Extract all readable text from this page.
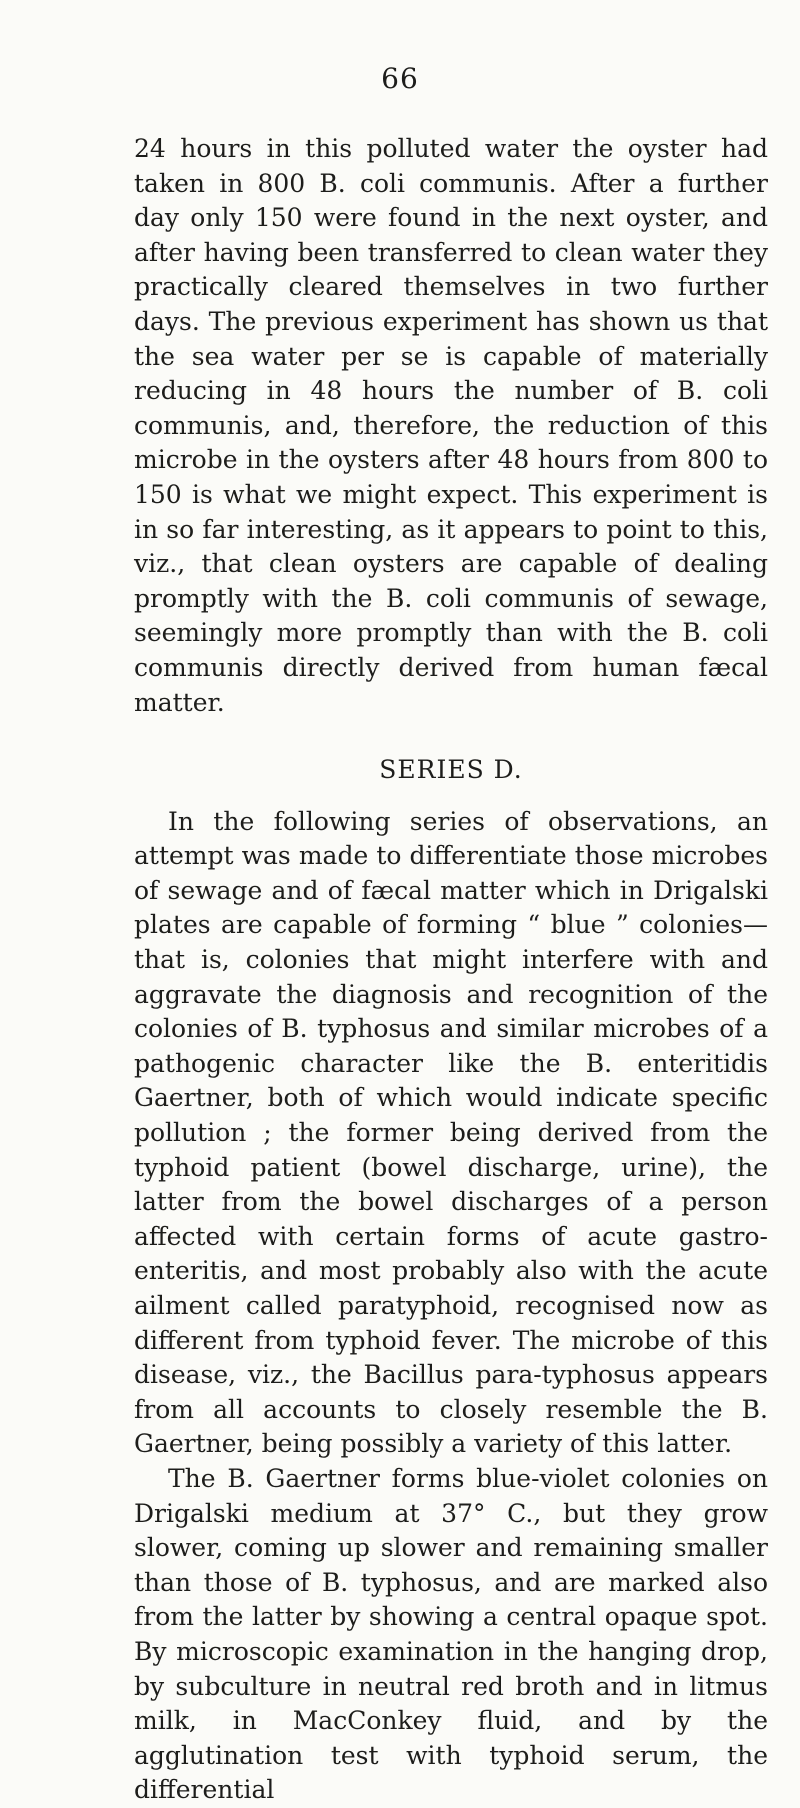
66

24 hours in this polluted water the oyster had taken in 800 B. coli communis. After a further day only 150 were found in the next oyster, and after having been transferred to clean water they practically cleared themselves in two further days. The previous experiment has shown us that the sea water per se is capable of materially reducing in 48 hours the number of B. coli communis, and, therefore, the reduction of this microbe in the oysters after 48 hours from 800 to 150 is what we might expect. This experiment is in so far interesting, as it appears to point to this, viz., that clean oysters are capable of dealing promptly with the B. coli communis of sewage, seemingly more promptly than with the B. coli communis directly derived from human fæcal matter.

SERIES D.

In the following series of observations, an attempt was made to differentiate those microbes of sewage and of fæcal matter which in Drigalski plates are capable of forming “ blue ” colonies—that is, colonies that might interfere with and aggravate the diagnosis and recognition of the colonies of B. typhosus and similar microbes of a pathogenic character like the B. enteritidis Gaertner, both of which would indicate specific pollution ; the former being derived from the typhoid patient (bowel discharge, urine), the latter from the bowel discharges of a person affected with certain forms of acute gastro-enteritis, and most probably also with the acute ailment called paratyphoid, recognised now as different from typhoid fever. The microbe of this disease, viz., the Bacillus para-typhosus appears from all accounts to closely resemble the B. Gaertner, being possibly a variety of this latter.

The B. Gaertner forms blue-violet colonies on Drigalski medium at 37° C., but they grow slower, coming up slower and remaining smaller than those of B. typhosus, and are marked also from the latter by showing a central opaque spot. By microscopic examination in the hanging drop, by subculture in neutral red broth and in litmus milk, in MacConkey fluid, and by the agglutination test with typhoid serum, the differential
